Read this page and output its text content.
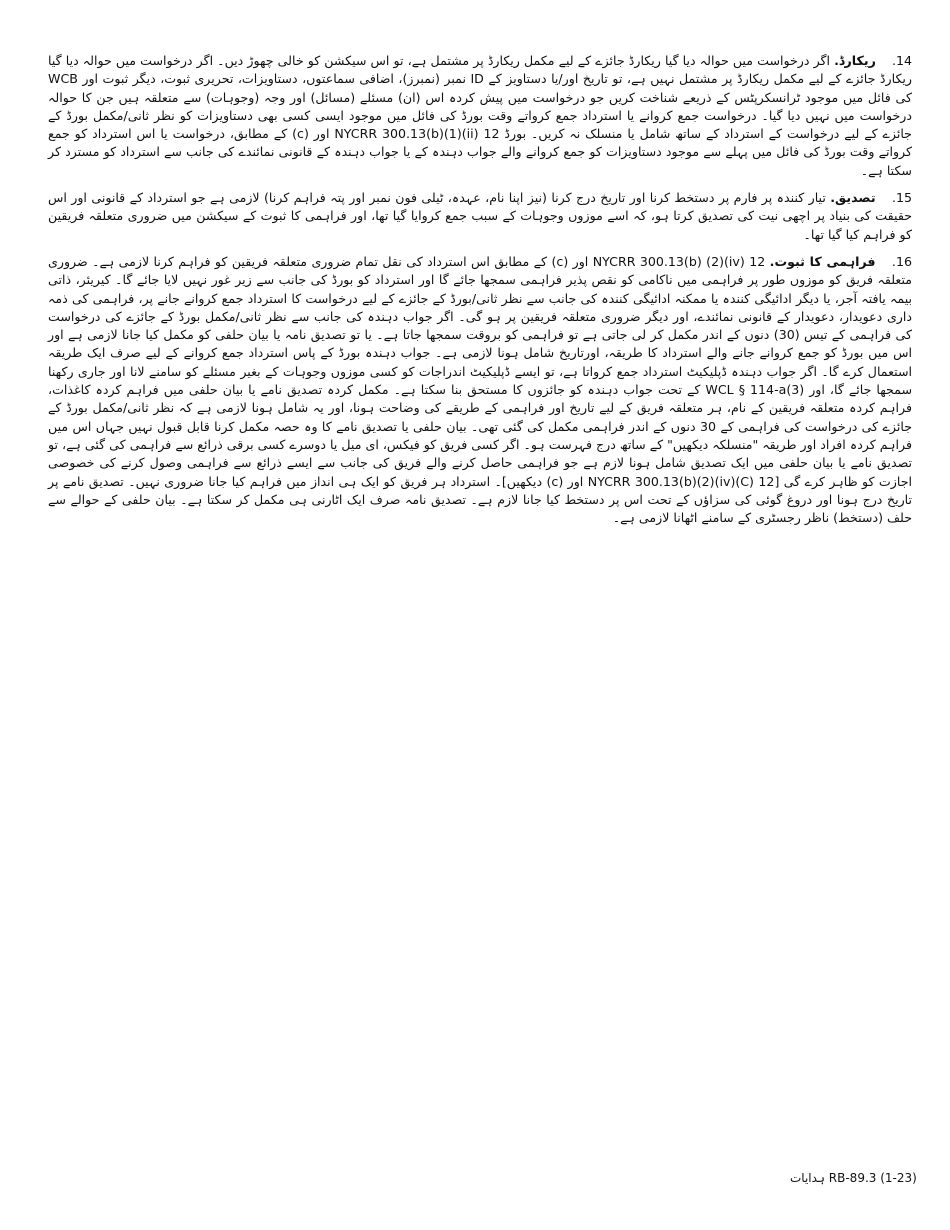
14. ریکارڈ. اگر درخواست میں حوالہ دیا گیا ریکارڈ جائزے کے لیے مکمل ریکارڈ پر مشتمل ہے، تو اس سیکشن کو خالی چھوڑ دیں۔ اگر درخواست میں حوالہ دیا گیا ریکارڈ جائزے کے لیے مکمل ریکارڈ پر مشتمل نہیں ہے، تو تاریخ اور/یا دستاویز کے ID نمبر (نمبرز)، اضافی سماعتوں، دستاویزات، تحریری ثبوت، دیگر ثبوت اور WCB کی فائل میں موجود ٹرانسکرپٹس کے ذریعے شناخت کریں جو درخواست میں پیش کردہ اس (ان) مسئلے (مسائل) اور وجہ (وجوہات) سے متعلقہ ہیں جن کا حوالہ درخواست میں نہیں دیا گیا۔ درخواست جمع کروانے یا استرداد جمع کرواتے وقت بورڈ کی فائل میں موجود ایسی کسی بھی دستاویزات کو نظر ثانی/مکمل بورڈ کے جائزے کے لیے درخواست کے استرداد کے ساتھ شامل یا منسلک نہ کریں۔ بورڈ 12 NYCRR 300.13(b)(1)(ii) اور (c) کے مطابق، درخواست یا اس استرداد کو جمع کرواتے وقت بورڈ کی فائل میں پہلے سے موجود دستاویزات کو جمع کروانے والے جواب دہندہ کے یا جواب دہندہ کے قانونی نمائندے کی جانب سے استرداد کو مسترد کر سکتا ہے۔

15. تصدیق. تیار کنندہ پر فارم پر دستخط کرنا اور تاریخ درج کرنا (نیز اپنا نام، عہدہ، ٹیلی فون نمبر اور پتہ فراہم کرنا) لازمی ہے جو استرداد کے قانونی اور اس حقیقت کی بنیاد پر اچھی نیت کی تصدیق کرتا ہو، کہ اسے موزوں وجوہات کے سبب جمع کروایا گیا تھا، اور فراہمی کا ثبوت کے سیکشن میں ضروری متعلقہ فریقین کو فراہم کیا گیا تھا۔

16. فراہمی کا ثبوت. 12 NYCRR 300.13(b) (2)(iv) اور (c) کے مطابق اس استرداد کی نقل تمام ضروری متعلقہ فریقین کو فراہم کرنا لازمی ہے۔ ضروری متعلقہ فریق کو موزوں طور پر فراہمی میں ناکامی کو نقص پذیر فراہمی سمجھا جائے گا اور استرداد کو بورڈ کی جانب سے زیر غور نہیں لایا جائے گا۔ کیریئر، ذاتی بیمہ یافتہ آجر، یا دیگر ادائیگی کنندہ یا ممکنہ ادائیگی کنندہ کی جانب سے نظر ثانی/بورڈ کے جائزے کے لیے درخواست کا استرداد جمع کروانے جانے پر، فراہمی کی ذمہ داری دعویدار، دعویدار کے قانونی نمائندے، اور دیگر ضروری متعلقہ فریقین پر ہو گی۔ اگر جواب دہندہ کی جانب سے نظر ثانی/مکمل بورڈ کے جائزے کی درخواست کی فراہمی کے تیس (30) دنوں کے اندر مکمل کر لی جاتی ہے تو فراہمی کو بروقت سمجھا جاتا ہے۔ یا تو تصدیق نامہ یا بیان حلفی کو مکمل کیا جانا لازمی ہے اور اس میں بورڈ کو جمع کروانے جانے والے استرداد کا طریقہ، اورتاریخ شامل ہونا لازمی ہے۔ جواب دہندہ بورڈ کے پاس استرداد جمع کروانے کے لیے صرف ایک طریقہ استعمال کرے گا۔ اگر جواب دہندہ ڈپلیکیٹ استرداد جمع کرواتا ہے، تو ایسے ڈپلیکیٹ اندراجات کو کسی موزوں وجوہات کے بغیر مسئلے کو سامنے لانا اور جاری رکھنا سمجھا جائے گا، اور WCL § 114-a(3) کے تحت جواب دہندہ کو جائزوں کا مستحق بنا سکتا ہے۔ مکمل کردہ تصدیق نامے یا بیان حلفی میں فراہم کردہ کاغذات، فراہم کردہ متعلقہ فریقین کے نام، ہر متعلقہ فریق کے لیے تاریخ اور فراہمی کے طریقے کی وضاحت ہونا، اور یہ شامل ہونا لازمی ہے کہ نظر ثانی/مکمل بورڈ کے جائزے کی درخواست کی فراہمی کے 30 دنوں کے اندر فراہمی مکمل کی گئی تھی۔ بیان حلفی یا تصدیق نامے کا وہ حصہ مکمل کرنا قابل قبول نہیں جہاں اس میں فراہم کردہ افراد اور طریقہ "منسلکہ دیکھیں" کے ساتھ درج فہرست ہو۔ اگر کسی فریق کو فیکس، ای میل یا دوسرے کسی برقی ذرائع سے فراہمی کی گئی ہے، تو تصدیق نامے یا بیان حلفی میں ایک تصدیق شامل ہونا لازم ہے جو فراہمی حاصل کرنے والے فریق کی جانب سے ایسے ذرائع سے فراہمی وصول کرنے کی خصوصی اجازت کو ظاہر کرے گی [12 NYCRR 300.13(b)(2)(iv)(C) اور (c) دیکھیں]۔ استرداد ہر فریق کو ایک ہی انداز میں فراہم کیا جانا ضروری نہیں۔ تصدیق نامے پر تاریخ درج ہونا اور دروغ گوئی کی سزاؤں کے تحت اس پر دستخط کیا جانا لازم ہے۔ تصدیق نامہ صرف ایک اٹارنی ہی مکمل کر سکتا ہے۔ بیان حلفی کے حوالے سے حلف (دستخط) ناظر رجسٹری کے سامنے اٹھانا لازمی ہے۔

RB-89.3 (1-23) ہدایات
